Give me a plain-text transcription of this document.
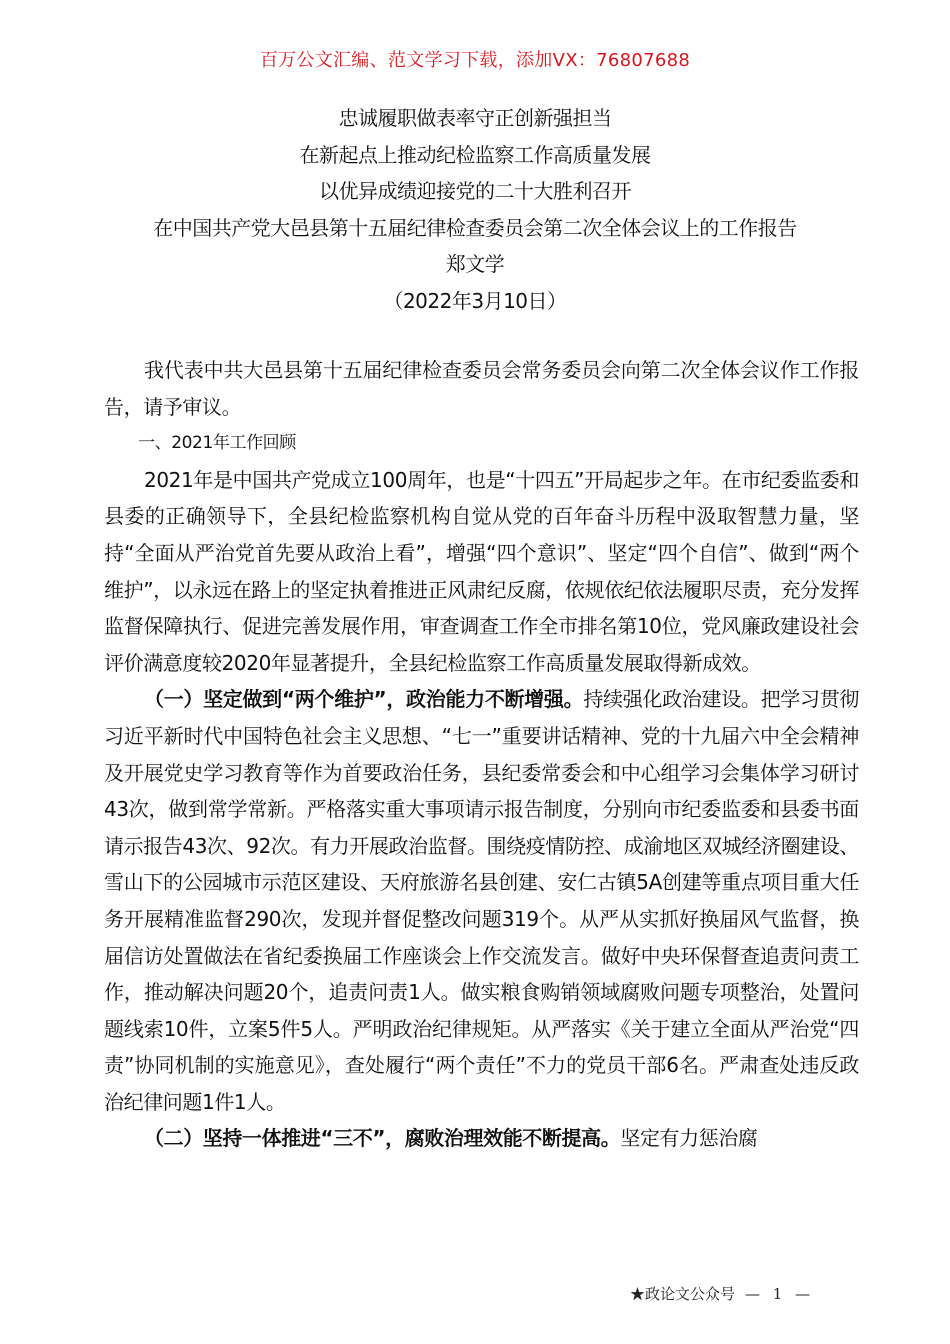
百万公文汇编、范文学习下载，添加VX：76807688
忠诚履职做表率守正创新强担当
在新起点上推动纪检监察工作高质量发展
以优异成绩迎接党的二十大胜利召开
在中国共产党大邑县第十五届纪律检查委员会第二次全体会议上的工作报告
郑文学
（2022年3月10日）

我代表中共大邑县第十五届纪律检查委员会常务委员会向第二次全体会议作工作报告，请予审议。

一、2021年工作回顾

2021年是中国共产党成立100周年，也是“十四五”开局起步之年。在市纪委监委和县委的正确领导下，全县纪检监察机构自觉从党的百年奋斗历程中汲取智慧力量，坚持“全面从严治党首先要从政治上看”，增强“四个意识”、坚定“四个自信”、做到“两个维护”，以永远在路上的坚定执着推进正风肃纪反腐，依规依纪依法履职尽责，充分发挥监督保障执行、促进完善发展作用，审查调查工作全市排名第10位，党风廉政建设社会评价满意度较2020年显著提升，全县纪检监察工作高质量发展取得新成效。

（一）坚定做到“两个维护”，政治能力不断增强。持续强化政治建设。把学习贯彻习近平新时代中国特色社会主义思想、“七一”重要讲话精神、党的十九届六中全会精神及开展党史学习教育等作为首要政治任务，县纪委常委会和中心组学习会集体学习研讨43次，做到常学常新。严格落实重大事项请示报告制度，分别向市纪委监委和县委书面请示报告43次、92次。有力开展政治监督。围绕疫情防控、成渝地区双城经济圈建设、雪山下的公园城市示范区建设、天府旅游名县创建、安仁古镇5A创建等重点项目重大任务开展精准监督290次，发现并督促整改问题319个。从严从实抓好换届风气监督，换届信访处置做法在省纪委换届工作座谈会上作交流发言。做好中央环保督查追责问责工作，推动解决问题20个，追责问责1人。做实粮食购销领域腐败问题专项整治，处置问题线索10件，立案5件5人。严明政治纪律规矩。从严落实《关于建立全面从严治党“四责”协同机制的实施意见》，查处履行“两个责任”不力的党员干部6名。严肃查处违反政治纪律问题1件1人。

（二）坚持一体推进“三不”，腐败治理效能不断提高。坚定有力惩治腐

★政论文公众号 — 1 —
